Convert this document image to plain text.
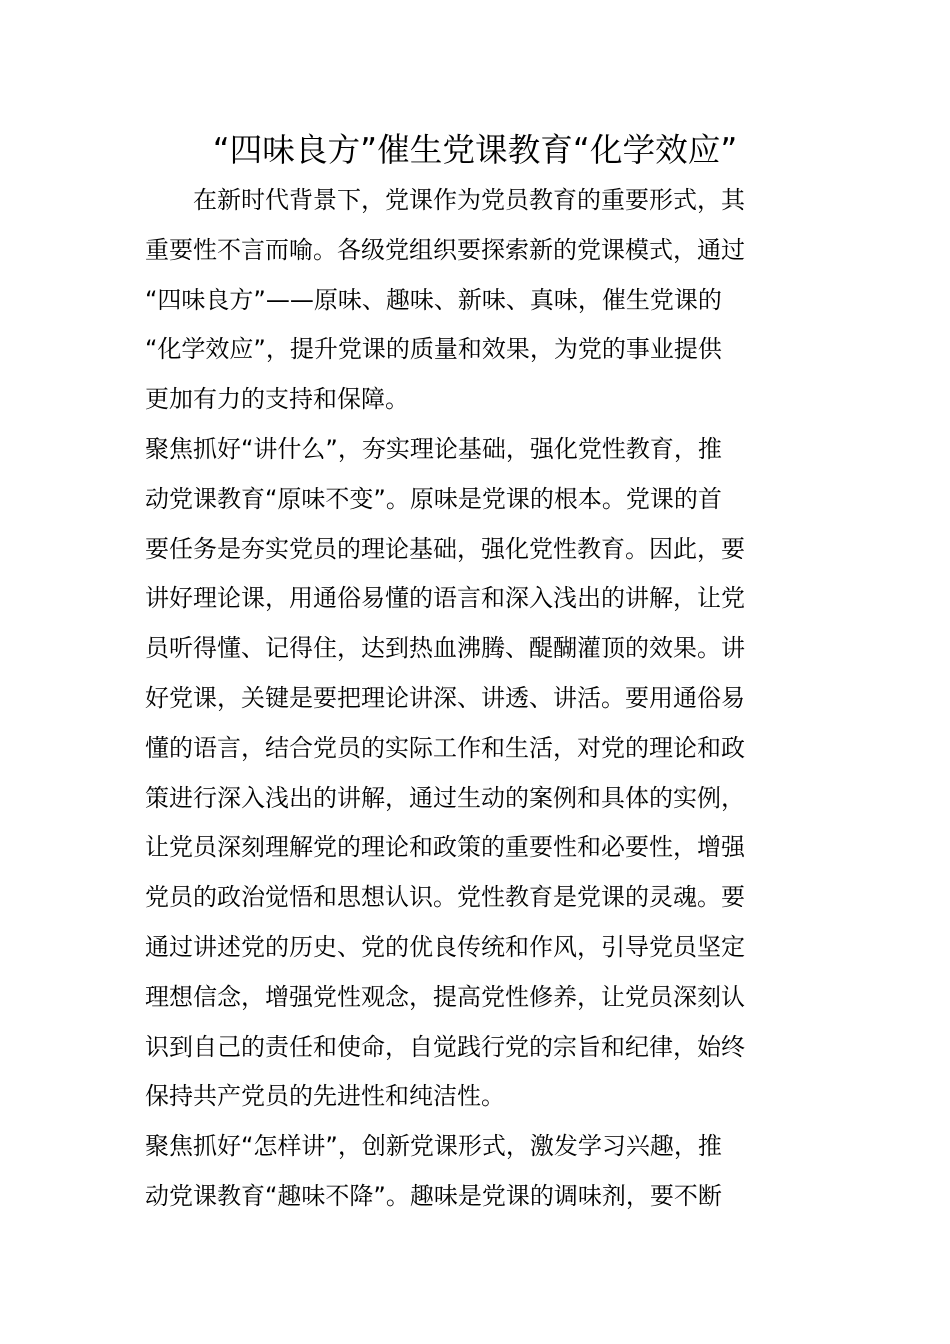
“四味良方”催生党课教育“化学效应”
　　在新时代背景下，党课作为党员教育的重要形式，其
重要性不言而喻。各级党组织要探索新的党课模式，通过
“四味良方”——原味、趣味、新味、真味，催生党课的
“化学效应”，提升党课的质量和效果，为党的事业提供
更加有力的支持和保障。
聚焦抓好“讲什么”，夯实理论基础，强化党性教育，推
动党课教育“原味不变”。原味是党课的根本。党课的首
要任务是夯实党员的理论基础，强化党性教育。因此，要
讲好理论课，用通俗易懂的语言和深入浅出的讲解，让党
员听得懂、记得住，达到热血沸腾、醍醐灌顶的效果。讲
好党课，关键是要把理论讲深、讲透、讲活。要用通俗易
懂的语言，结合党员的实际工作和生活，对党的理论和政
策进行深入浅出的讲解，通过生动的案例和具体的实例，
让党员深刻理解党的理论和政策的重要性和必要性，增强
党员的政治觉悟和思想认识。党性教育是党课的灵魂。要
通过讲述党的历史、党的优良传统和作风，引导党员坚定
理想信念，增强党性观念，提高党性修养，让党员深刻认
识到自己的责任和使命，自觉践行党的宗旨和纪律，始终
保持共产党员的先进性和纯洁性。
聚焦抓好“怎样讲”，创新党课形式，激发学习兴趣，推
动党课教育“趣味不降”。趣味是党课的调味剂，要不断
